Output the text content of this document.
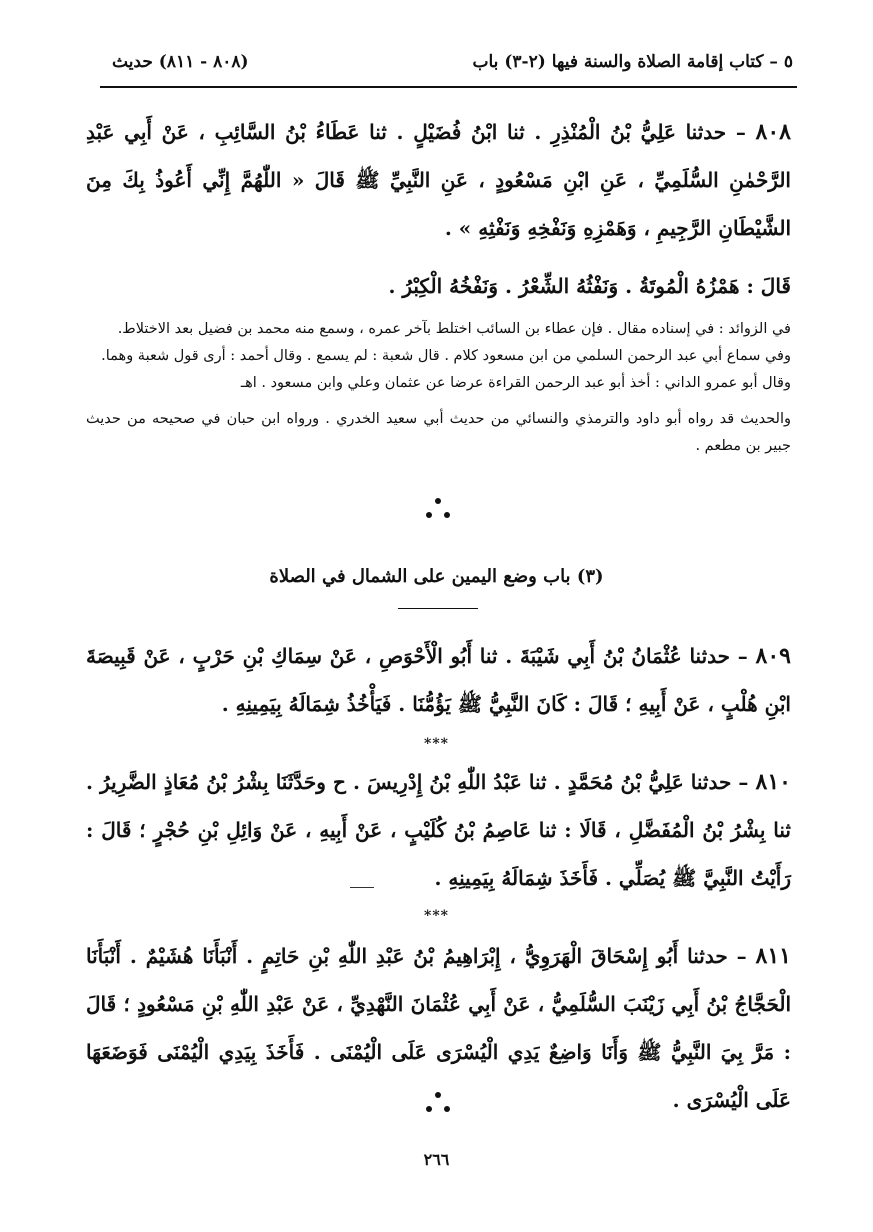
٥ – كتاب إقامة الصلاة والسنة فيها (٢-٣) باب
(٨٠٨ - ٨١١) حديث

٨٠٨ – حدثنا عَلِيُّ بْنُ الْمُنْذِرِ . ثنا ابْنُ فُضَيْلٍ . ثنا عَطَاءُ بْنُ السَّائِبِ ، عَنْ أَبِي عَبْدِ الرَّحْمٰنِ السُّلَمِيِّ ، عَنِ ابْنِ مَسْعُودٍ ، عَنِ النَّبِيِّ ﷺ قَالَ « اللّٰهُمَّ إِنِّي أَعُوذُ بِكَ مِنَ الشَّيْطَانِ الرَّجِيمِ ، وَهَمْزِهِ وَنَفْخِهِ وَنَفْثِهِ » .

قَالَ : هَمْزُهُ الْمُوتَةُ . وَنَفْثُهُ الشِّعْرُ . وَنَفْخُهُ الْكِبْرُ .

في الزوائد : في إسناده مقال . فإن عطاء بن السائب اختلط بآخر عمره ، وسمع منه محمد بن فضيل بعد الاختلاط.

وفي سماع أبي عبد الرحمن السلمي من ابن مسعود كلام . قال شعبة : لم يسمع . وقال أحمد : أرى قول شعبة وهما.

وقال أبو عمرو الداني : أخذ أبو عبد الرحمن القراءة عرضا عن عثمان وعلي وابن مسعود . اهـ

والحديث قد رواه أبو داود والترمذي والنسائي من حديث أبي سعيد الخدري . ورواه ابن حبان في صحيحه من حديث جبير بن مطعم .

(٣) باب وضع اليمين على الشمال في الصلاة

٨٠٩ – حدثنا عُثْمَانُ بْنُ أَبِي شَيْبَةَ . ثنا أَبُو الْأَحْوَصِ ، عَنْ سِمَاكِ بْنِ حَرْبٍ ، عَنْ قَبِيصَةَ ابْنِ هُلْبٍ ، عَنْ أَبِيهِ ؛ قَالَ : كَانَ النَّبِيُّ ﷺ يَؤُمُّنَا . فَيَأْخُذُ شِمَالَهُ بِيَمِينِهِ .

***

٨١٠ – حدثنا عَلِيُّ بْنُ مُحَمَّدٍ . ثنا عَبْدُ اللّٰهِ بْنُ إِدْرِيسَ . ح وحَدَّثَنَا بِشْرُ بْنُ مُعَاذٍ الضَّرِيرُ . ثنا بِشْرُ بْنُ الْمُفَضَّلِ ، قَالَا : ثنا عَاصِمُ بْنُ كُلَيْبٍ ، عَنْ أَبِيهِ ، عَنْ وَائِلِ بْنِ حُجْرٍ ؛ قَالَ : رَأَيْتُ النَّبِيَّ ﷺ يُصَلِّي . فَأَخَذَ شِمَالَهُ بِيَمِينِهِ .

***

٨١١ – حدثنا أَبُو إِسْحَاقَ الْهَرَوِيُّ ، إِبْرَاهِيمُ بْنُ عَبْدِ اللّٰهِ بْنِ حَاتِمٍ . أَنْبَأَنَا هُشَيْمٌ . أَنْبَأَنَا الْحَجَّاجُ بْنُ أَبِي زَيْنَبَ السُّلَمِيُّ ، عَنْ أَبِي عُثْمَانَ النَّهْدِيِّ ، عَنْ عَبْدِ اللّٰهِ بْنِ مَسْعُودٍ ؛ قَالَ : مَرَّ بِيَ النَّبِيُّ ﷺ وَأَنَا وَاضِعٌ يَدِي الْيُسْرَى عَلَى الْيُمْنَى . فَأَخَذَ بِيَدِي الْيُمْنَى فَوَضَعَهَا عَلَى الْيُسْرَى .

٢٦٦
